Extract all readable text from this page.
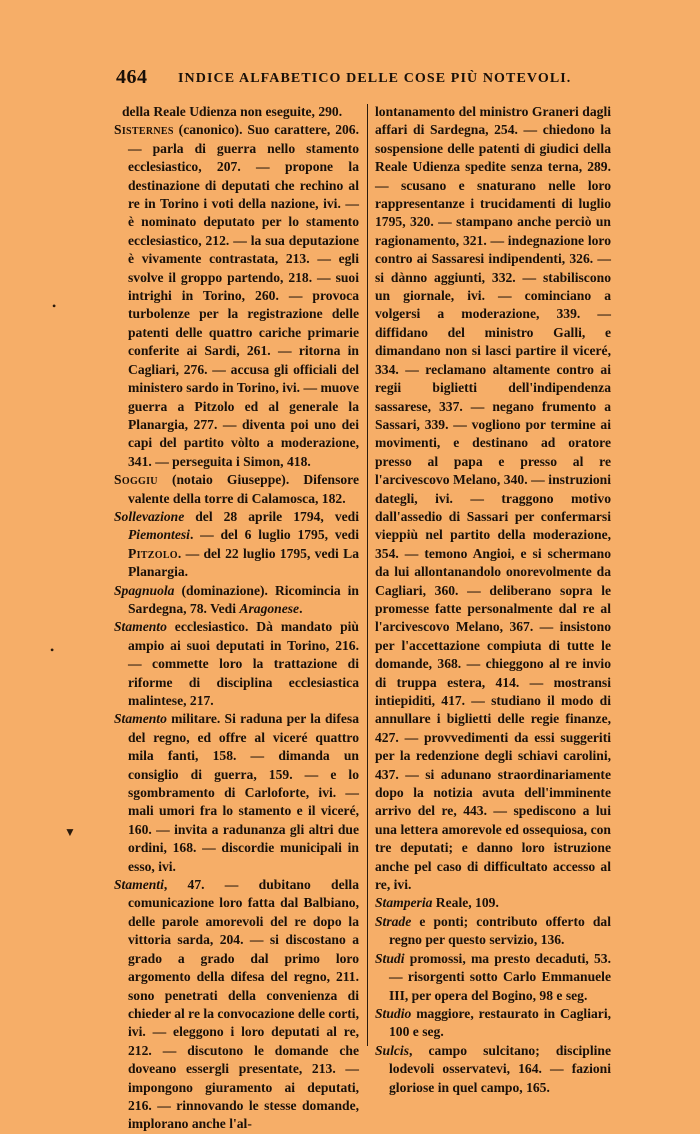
464 INDICE ALFABETICO DELLE COSE PIÙ NOTEVOLI.

della Reale Udienza non eseguite, 290.

Sisternes (canonico). Suo carattere, 206. — parla di guerra nello stamento ecclesiastico, 207. — propone la destinazione di deputati che rechino al re in Torino i voti della nazione, ivi. — è nominato deputato per lo stamento ecclesiastico, 212. — la sua deputazione è vivamente contrastata, 213. — egli svolve il groppo partendo, 218. — suoi intrighi in Torino, 260. — provoca turbolenze per la registrazione delle patenti delle quattro cariche primarie conferite ai Sardi, 261. — ritorna in Cagliari, 276. — accusa gli officiali del ministero sardo in Torino, ivi. — muove guerra a Pitzolo ed al generale la Planargia, 277. — diventa poi uno dei capi del partito vòlto a moderazione, 341. — perseguita i Simon, 418.

Soggiu (notaio Giuseppe). Difensore valente della torre di Calamosca, 182.

Sollevazione del 28 aprile 1794, vedi Piemontesi. — del 6 luglio 1795, vedi Pitzolo. — del 22 luglio 1795, vedi La Planargia.

Spagnuola (dominazione). Ricomincia in Sardegna, 78. Vedi Aragonese.

Stamento ecclesiastico. Dà mandato più ampio ai suoi deputati in Torino, 216. — commette loro la trattazione di riforme di disciplina ecclesiastica malintese, 217.

Stamento militare. Si raduna per la difesa del regno, ed offre al viceré quattro mila fanti, 158. — dimanda un consiglio di guerra, 159. — e lo sgombramento di Carloforte, ivi. — mali umori fra lo stamento e il viceré, 160. — invita a radunanza gli altri due ordini, 168. — discordie municipali in esso, ivi.

Stamenti, 47. — dubitano della comunicazione loro fatta dal Balbiano, delle parole amorevoli del re dopo la vittoria sarda, 204. — si discostano a grado a grado dal primo loro argomento della difesa del regno, 211. sono penetrati della convenienza di chieder al re la convocazione delle corti, ivi. — eleggono i loro deputati al re, 212. — discutono le domande che doveano essergli presentate, 213. — impongono giuramento ai deputati, 216. — rinnovando le stesse domande, implorano anche l'al-

lontanamento del ministro Graneri dagli affari di Sardegna, 254. — chiedono la sospensione delle patenti di giudici della Reale Udienza spedite senza terna, 289. — scusano e snaturano nelle loro rappresentanze i trucidamenti di luglio 1795, 320. — stampano anche perciò un ragionamento, 321. — indegnazione loro contro ai Sassaresi indipendenti, 326. — si dànno aggiunti, 332. — stabiliscono un giornale, ivi. — cominciano a volgersi a moderazione, 339. — diffidano del ministro Galli, e dimandano non si lasci partire il viceré, 334. — reclamano altamente contro ai regii biglietti dell'indipendenza sassarese, 337. — negano frumento a Sassari, 339. — vogliono por termine ai movimenti, e destinano ad oratore presso al papa e presso al re l'arcivescovo Melano, 340. — instruzioni dategli, ivi. — traggono motivo dall'assedio di Sassari per confermarsi vieppiù nel partito della moderazione, 354. — temono Angioi, e si schermano da lui allontanandolo onorevolmente da Cagliari, 360. — deliberano sopra le promesse fatte personalmente dal re al l'arcivescovo Melano, 367. — insistono per l'accettazione compiuta di tutte le domande, 368. — chieggono al re invio di truppa estera, 414. — mostransi intiepiditi, 417. — studiano il modo di annullare i biglietti delle regie finanze, 427. — provvedimenti da essi suggeriti per la redenzione degli schiavi carolini, 437. — si adunano straordinariamente dopo la notizia avuta dell'imminente arrivo del re, 443. — spediscono a lui una lettera amorevole ed ossequiosa, con tre deputati; e danno loro istruzione anche pel caso di difficultato accesso al re, ivi.

Stamperia Reale, 109.

Strade e ponti; contributo offerto dal regno per questo servizio, 136.

Studi promossi, ma presto decaduti, 53. — risorgenti sotto Carlo Emmanuele III, per opera del Bogino, 98 e seg.

Studio maggiore, restaurato in Cagliari, 100 e seg.

Sulcis, campo sulcitano; discipline lodevoli osservatevi, 164. — fazioni gloriose in quel campo, 165.

•
•
▼
